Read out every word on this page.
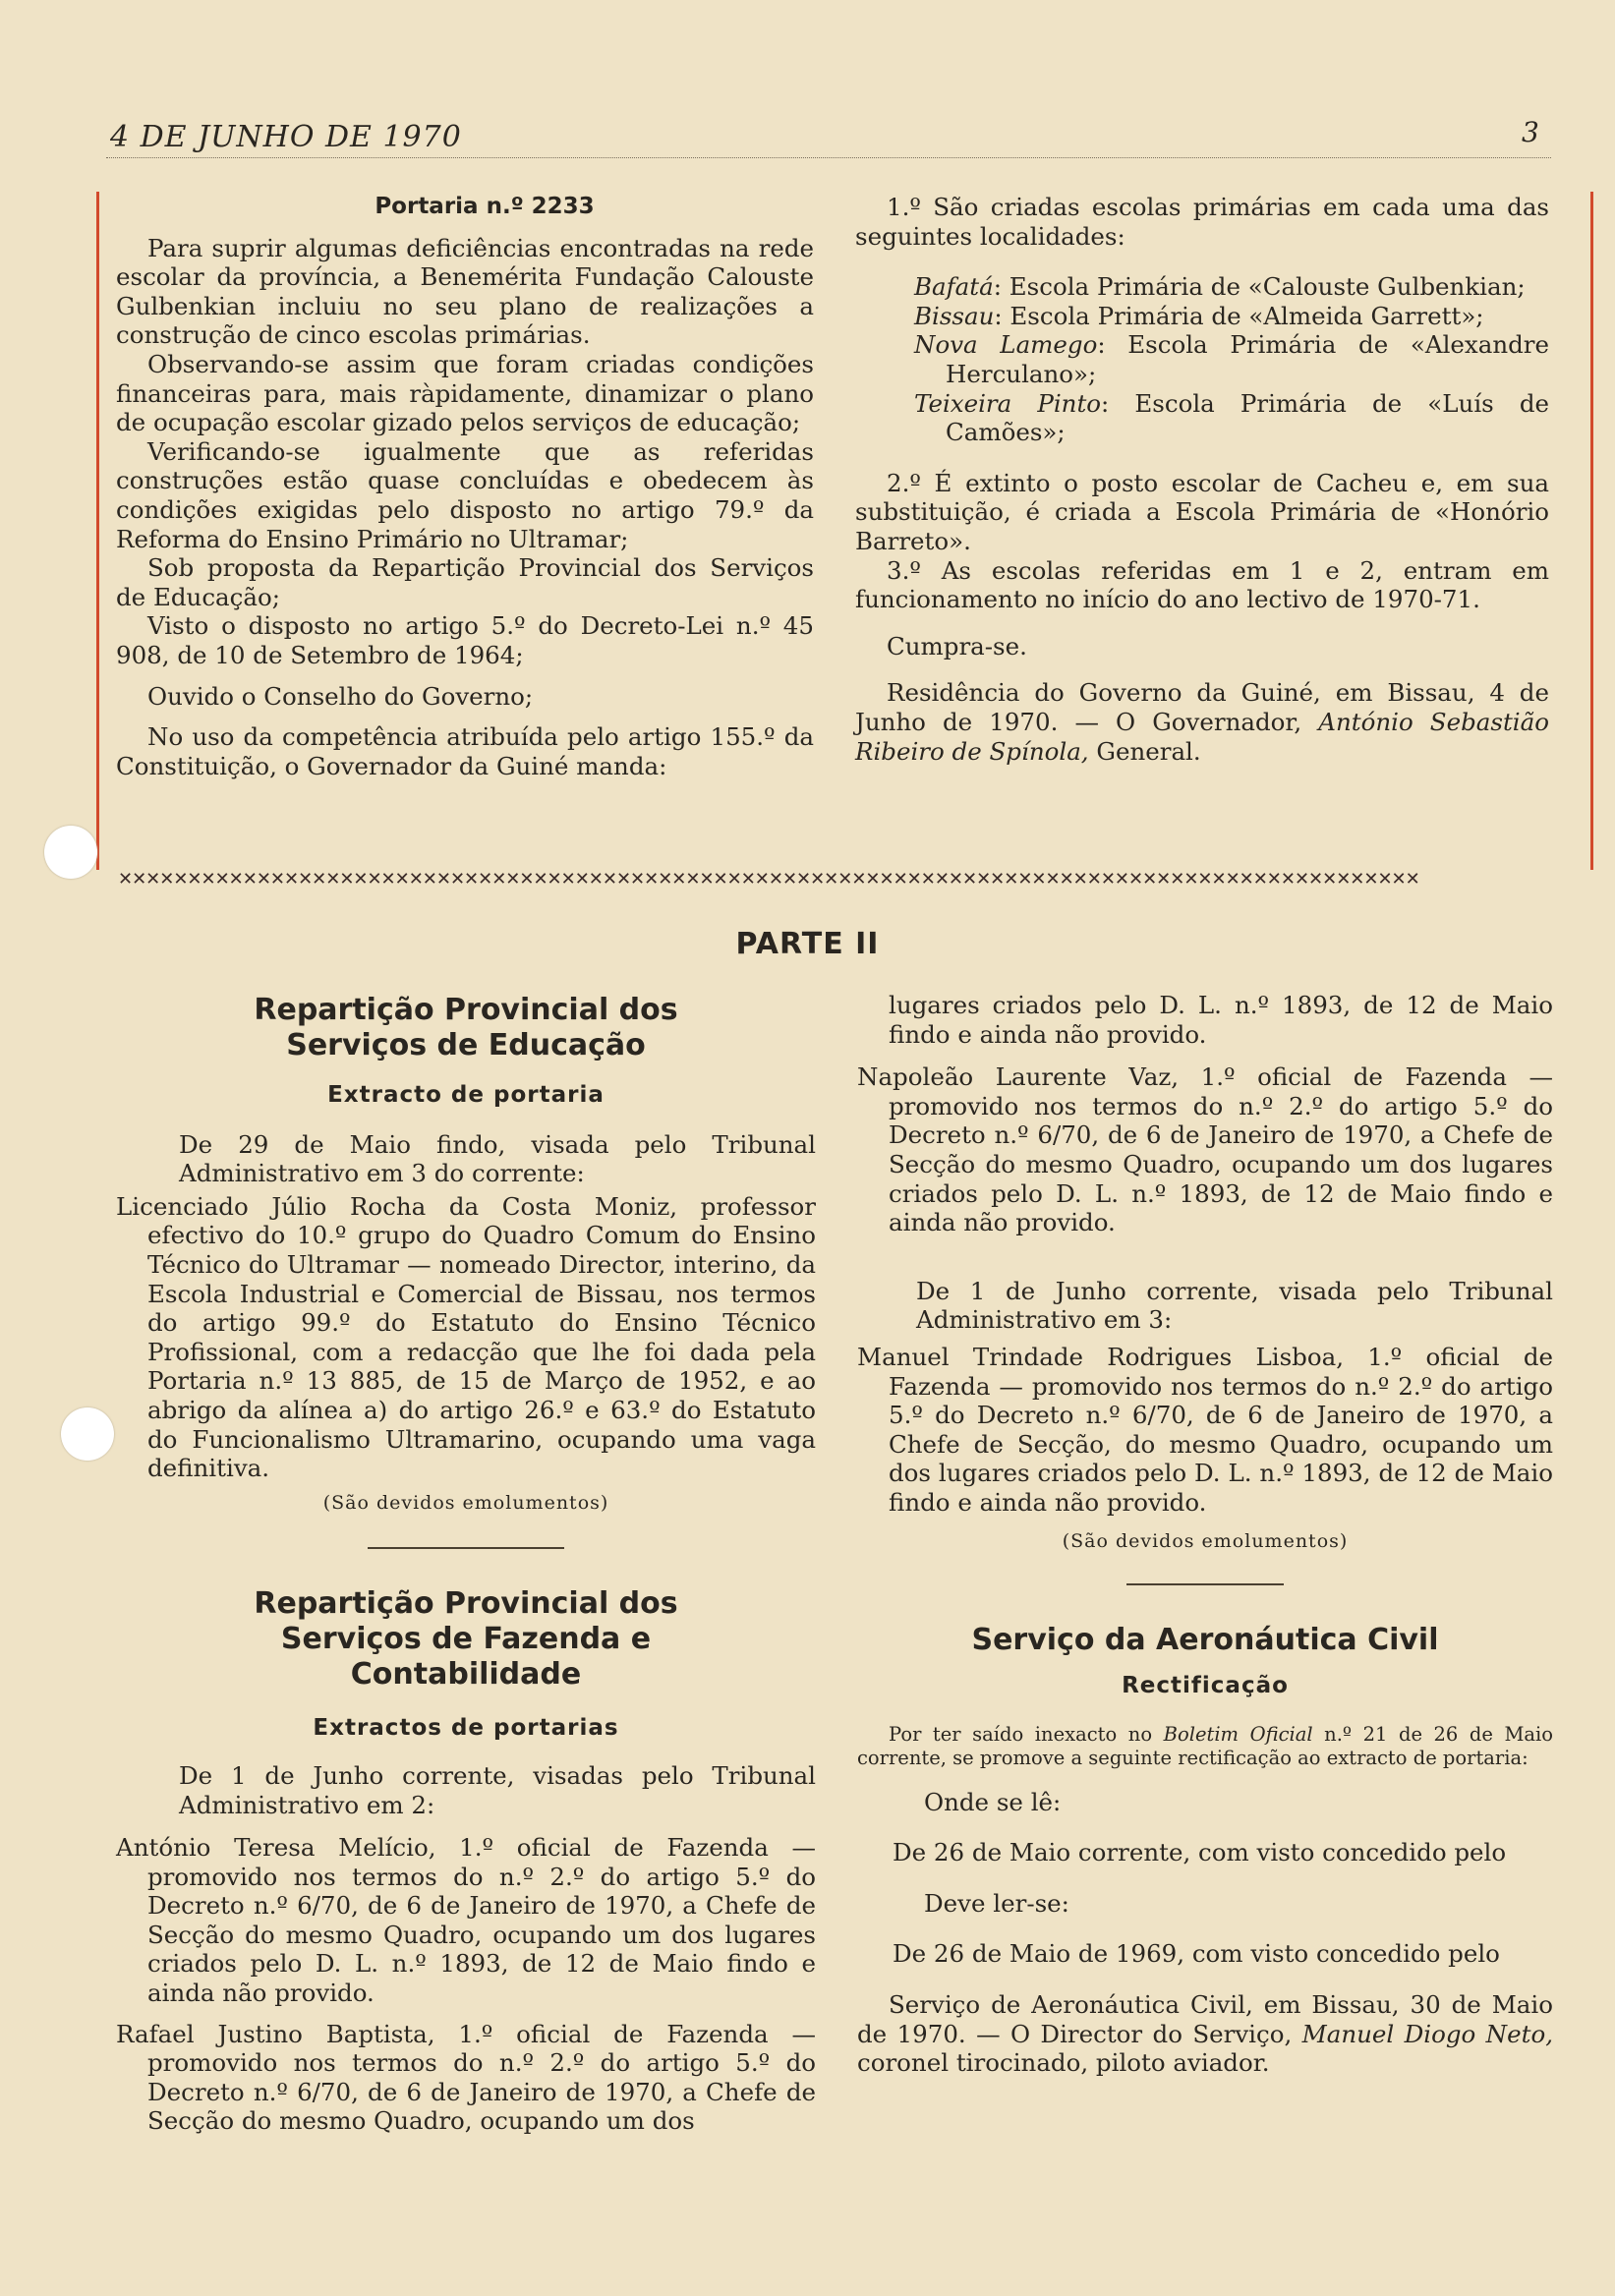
4 DE JUNHO DE 1970	3

Portaria n.º 2233

Para suprir algumas deficiências encontradas na rede escolar da província, a Benemérita Fundação Calouste Gulbenkian incluiu no seu plano de realizações a construção de cinco escolas primárias.

Observando-se assim que foram criadas condições financeiras para, mais ràpidamente, dinamizar o plano de ocupação escolar gizado pelos serviços de educação;

Verificando-se igualmente que as referidas construções estão quase concluídas e obedecem às condições exigidas pelo disposto no artigo 79.º da Reforma do Ensino Primário no Ultramar;

Sob proposta da Repartição Provincial dos Serviços de Educação;

Visto o disposto no artigo 5.º do Decreto-Lei n.º 45 908, de 10 de Setembro de 1964;

Ouvido o Conselho do Governo;

No uso da competência atribuída pelo artigo 155.º da Constituição, o Governador da Guiné manda:

1.º São criadas escolas primárias em cada uma das seguintes localidades:

Bafatá: Escola Primária de «Calouste Gulbenkian;

Bissau: Escola Primária de «Almeida Garrett»;

Nova Lamego: Escola Primária de «Alexandre Herculano»;

Teixeira Pinto: Escola Primária de «Luís de Camões»;

2.º É extinto o posto escolar de Cacheu e, em sua substituição, é criada a Escola Primária de «Honório Barreto».

3.º As escolas referidas em 1 e 2, entram em funcionamento no início do ano lectivo de 1970-71.

Cumpra-se.

Residência do Governo da Guiné, em Bissau, 4 de Junho de 1970. — O Governador, António Sebastião Ribeiro de Spínola, General.

✕✕✕✕✕✕✕✕✕✕✕✕✕✕✕✕✕✕✕✕✕✕✕✕✕✕✕✕✕✕✕✕✕✕✕✕✕✕✕✕✕✕✕✕✕✕✕✕✕✕✕✕✕✕✕✕✕✕✕✕✕✕✕✕✕✕✕✕✕✕✕✕✕✕✕✕✕✕✕✕✕✕✕✕✕✕✕✕✕✕✕✕✕✕
PARTE II

Repartição Provincial dos Serviços de Educação

Extracto de portaria

De 29 de Maio findo, visada pelo Tribunal Administrativo em 3 do corrente:

Licenciado Júlio Rocha da Costa Moniz, professor efectivo do 10.º grupo do Quadro Comum do Ensino Técnico do Ultramar — nomeado Director, interino, da Escola Industrial e Comercial de Bissau, nos termos do artigo 99.º do Estatuto do Ensino Técnico Profissional, com a redacção que lhe foi dada pela Portaria n.º 13 885, de 15 de Março de 1952, e ao abrigo da alínea a) do artigo 26.º e 63.º do Estatuto do Funcionalismo Ultramarino, ocupando uma vaga definitiva.

(São devidos emolumentos)

Repartição Provincial dos Serviços de Fazenda e Contabilidade

Extractos de portarias

De 1 de Junho corrente, visadas pelo Tribunal Administrativo em 2:

António Teresa Melício, 1.º oficial de Fazenda — promovido nos termos do n.º 2.º do artigo 5.º do Decreto n.º 6/70, de 6 de Janeiro de 1970, a Chefe de Secção do mesmo Quadro, ocupando um dos lugares criados pelo D. L. n.º 1893, de 12 de Maio findo e ainda não provido.

Rafael Justino Baptista, 1.º oficial de Fazenda — promovido nos termos do n.º 2.º do artigo 5.º do Decreto n.º 6/70, de 6 de Janeiro de 1970, a Chefe de Secção do mesmo Quadro, ocupando um dos

lugares criados pelo D. L. n.º 1893, de 12 de Maio findo e ainda não provido.

Napoleão Laurente Vaz, 1.º oficial de Fazenda — promovido nos termos do n.º 2.º do artigo 5.º do Decreto n.º 6/70, de 6 de Janeiro de 1970, a Chefe de Secção do mesmo Quadro, ocupando um dos lugares criados pelo D. L. n.º 1893, de 12 de Maio findo e ainda não provido.

De 1 de Junho corrente, visada pelo Tribunal Administrativo em 3:

Manuel Trindade Rodrigues Lisboa, 1.º oficial de Fazenda — promovido nos termos do n.º 2.º do artigo 5.º do Decreto n.º 6/70, de 6 de Janeiro de 1970, a Chefe de Secção, do mesmo Quadro, ocupando um dos lugares criados pelo D. L. n.º 1893, de 12 de Maio findo e ainda não provido.

(São devidos emolumentos)

Serviço da Aeronáutica Civil

Rectificação

Por ter saído inexacto no Boletim Oficial n.º 21 de 26 de Maio corrente, se promove a seguinte rectificação ao extracto de portaria:

Onde se lê:

De 26 de Maio corrente, com visto concedido pelo

Deve ler-se:

De 26 de Maio de 1969, com visto concedido pelo

Serviço de Aeronáutica Civil, em Bissau, 30 de Maio de 1970. — O Director do Serviço, Manuel Diogo Neto, coronel tirocinado, piloto aviador.
